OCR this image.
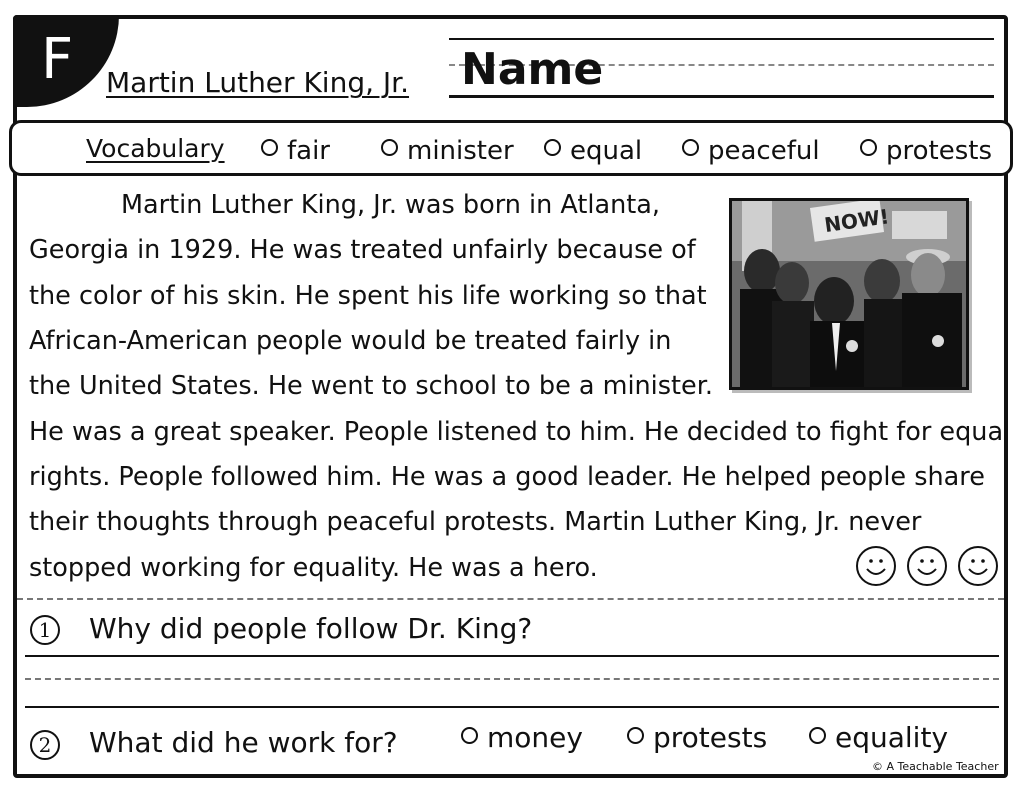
F Martin Luther King, Jr. Name
Vocabulary	fair	minister	equal	peaceful	protests
Martin Luther King, Jr. was born in Atlanta,
Georgia in 1929. He was treated unfairly because of
the color of his skin. He spent his life working so that
African-American people would be treated fairly in
the United States. He went to school to be a minister.
He was a great speaker. People listened to him. He decided to fight for equal
rights. People followed him. He was a good leader. He helped people share
their thoughts through peaceful protests. Martin Luther King, Jr. never
stopped working for equality. He was a hero.
NOW!
1	Why did people follow Dr. King?
2	What did he work for?	money	protests	equality
© A Teachable Teacher
